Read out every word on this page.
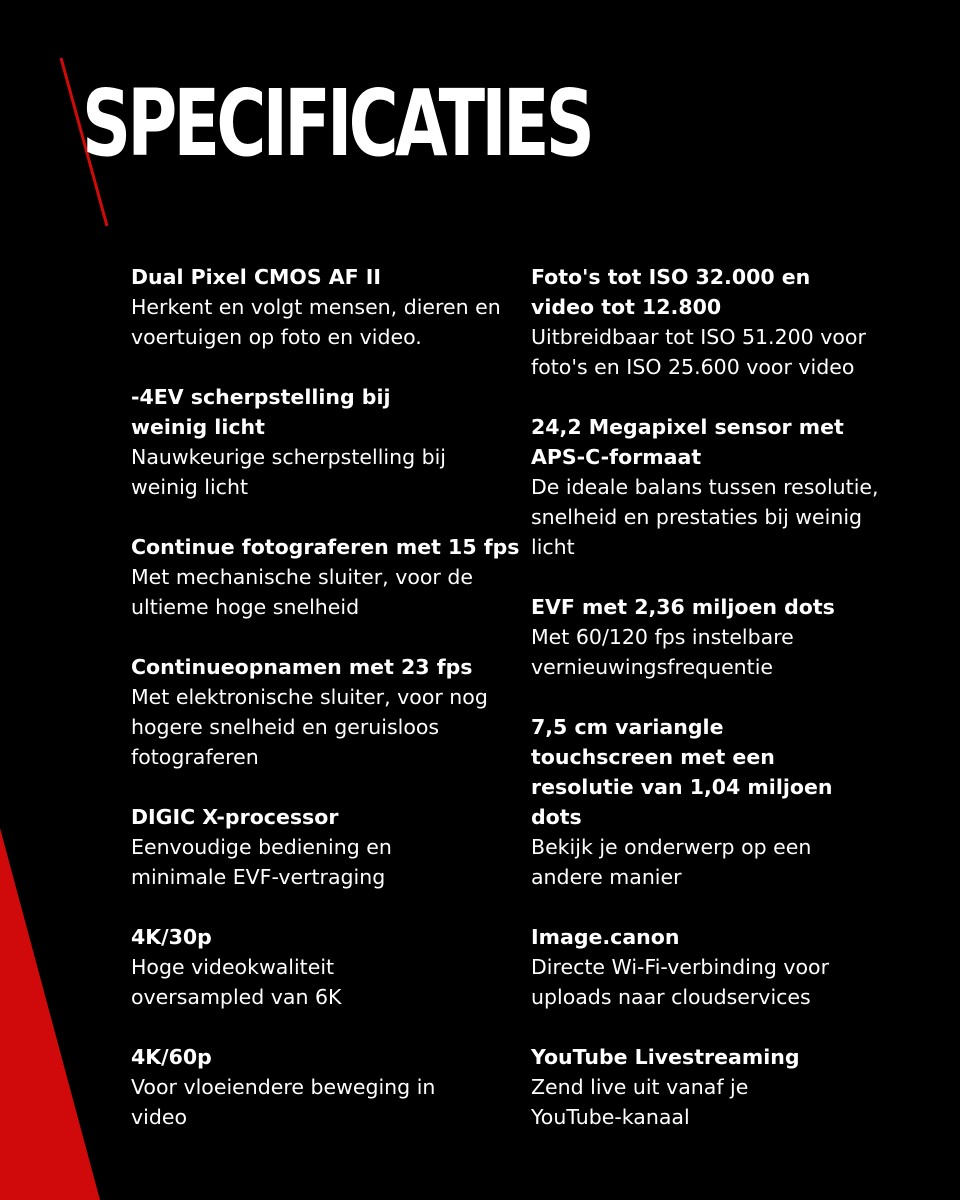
SPECIFICATIES

Dual Pixel CMOS AF II

Herkent en volgt mensen, dieren en voertuigen op foto en video.

-4EV scherpstelling bij weinig licht

Nauwkeurige scherpstelling bij weinig licht

Continue fotograferen met 15 fps

Met mechanische sluiter, voor de ultieme hoge snelheid

Continueopnamen met 23 fps

Met elektronische sluiter, voor nog hogere snelheid en geruisloos fotograferen

DIGIC X-processor

Eenvoudige bediening en minimale EVF-vertraging

4K/30p

Hoge videokwaliteit oversampled van 6K

4K/60p

Voor vloeiendere beweging in video

Foto's tot ISO 32.000 en video tot 12.800

Uitbreidbaar tot ISO 51.200 voor foto's en ISO 25.600 voor video

24,2 Megapixel sensor met APS-C-formaat

De ideale balans tussen resolutie, snelheid en prestaties bij weinig licht

EVF met 2,36 miljoen dots

Met 60/120 fps instelbare vernieuwingsfrequentie

7,5 cm variangle touchscreen met een resolutie van 1,04 miljoen dots

Bekijk je onderwerp op een andere manier

Image.canon

Directe Wi-Fi-verbinding voor uploads naar cloudservices

YouTube Livestreaming

Zend live uit vanaf je YouTube-kanaal
